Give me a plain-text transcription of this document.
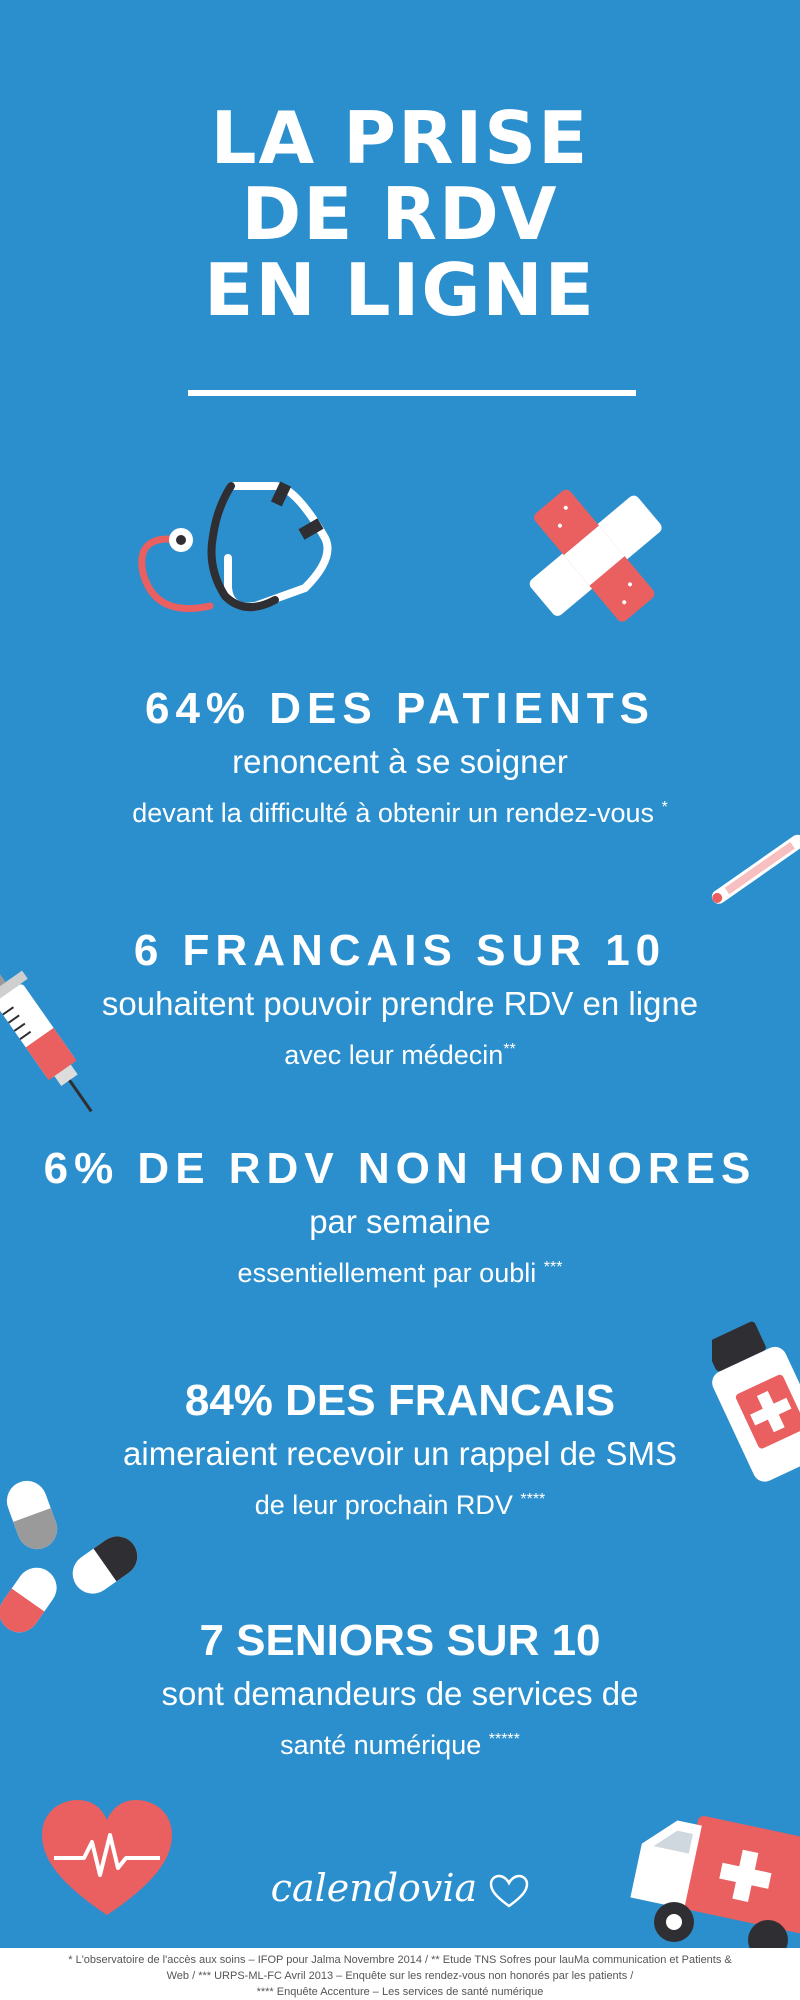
LA PRISE
DE RDV
EN LIGNE
64% DES PATIENTS
renoncent à se soigner
devant la difficulté à obtenir un rendez-vous *
6 FRANCAIS SUR 10
souhaitent pouvoir prendre RDV en ligne
avec leur médecin**
6% DE RDV NON HONORES
par semaine
essentiellement par oubli ***
84% DES FRANCAIS
aimeraient recevoir un rappel de SMS
de leur prochain RDV ****
7 SENIORS SUR 10
sont demandeurs de services de
santé numérique *****
calendovia
* L'observatoire de l'accès aux soins – IFOP pour Jalma Novembre 2014 / ** Etude TNS Sofres pour lauMa communication et Patients &
Web / *** URPS-ML-FC Avril 2013 – Enquête sur les rendez-vous non honorés par les patients /
**** Enquête Accenture – Les services de santé numérique
